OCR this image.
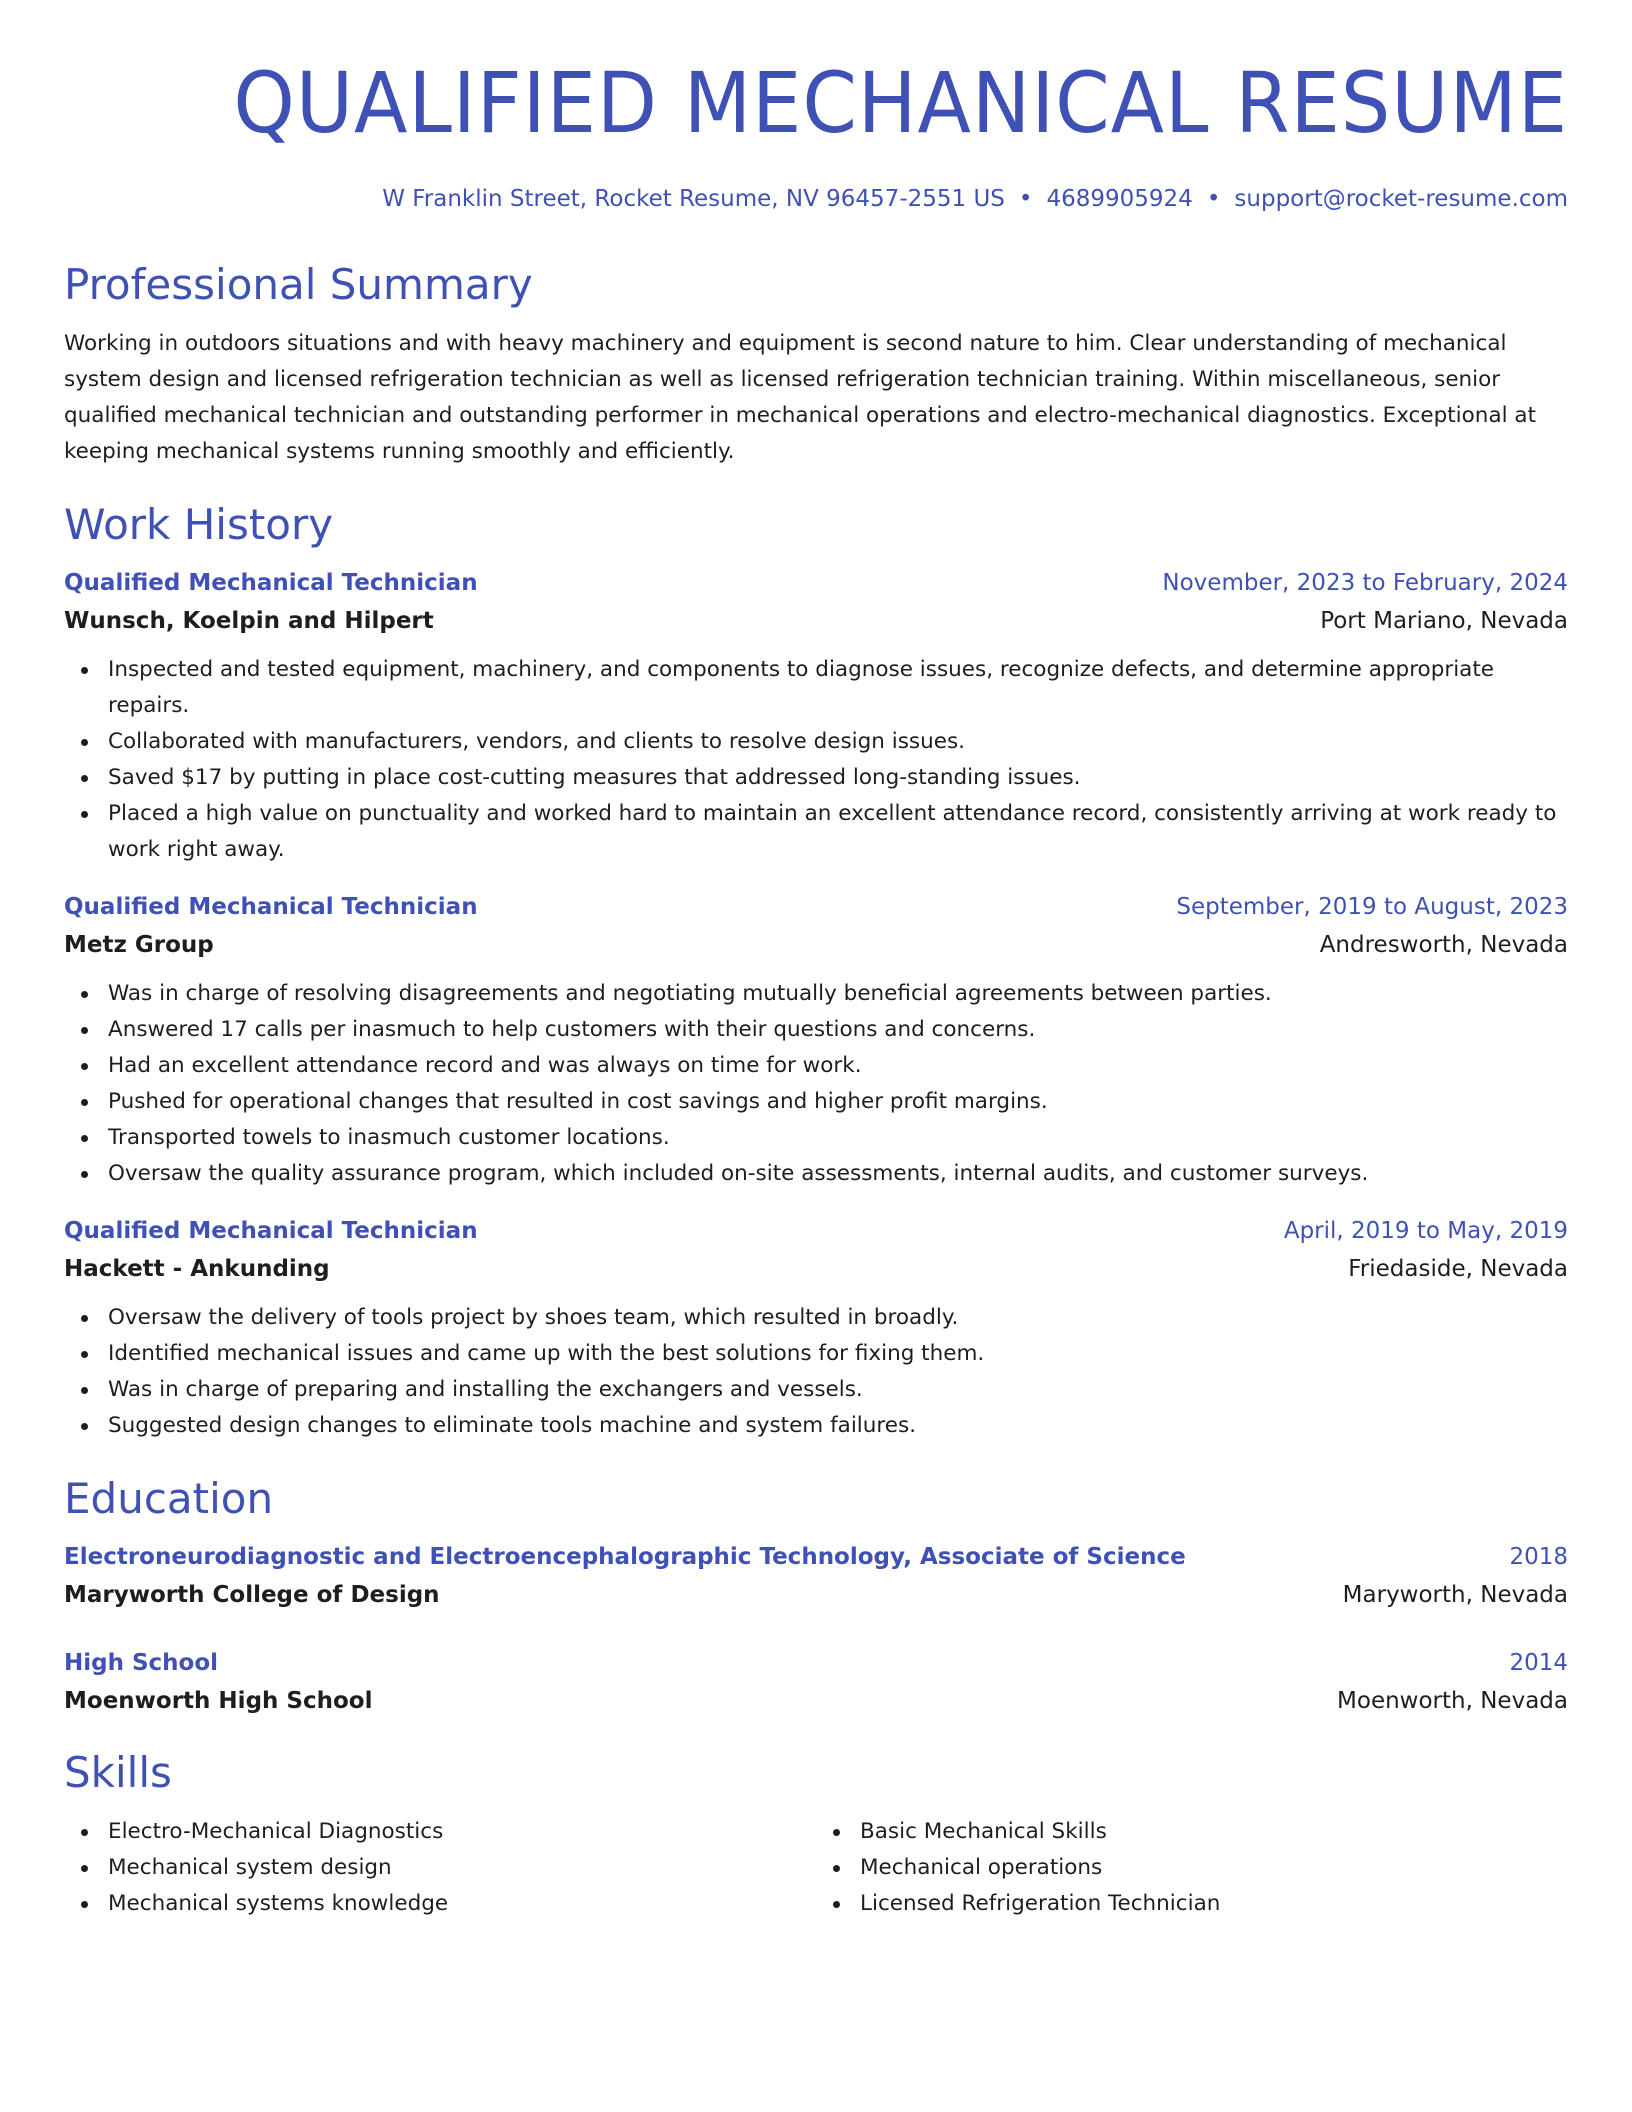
QUALIFIED MECHANICAL RESUME
W Franklin Street, Rocket Resume, NV 96457-2551 US • 4689905924 • support@rocket-resume.com
Professional Summary

Working in outdoors situations and with heavy machinery and equipment is second nature to him. Clear understanding of mechanical system design and licensed refrigeration technician as well as licensed refrigeration technician training. Within miscellaneous, senior qualified mechanical technician and outstanding performer in mechanical operations and electro-mechanical diagnostics. Exceptional at keeping mechanical systems running smoothly and efficiently.

Work History
Qualified Mechanical Technician	November, 2023 to February, 2024
Wunsch, Koelpin and Hilpert	Port Mariano, Nevada
Inspected and tested equipment, machinery, and components to diagnose issues, recognize defects, and determine appropriate repairs.
Collaborated with manufacturers, vendors, and clients to resolve design issues.
Saved $17 by putting in place cost-cutting measures that addressed long-standing issues.
Placed a high value on punctuality and worked hard to maintain an excellent attendance record, consistently arriving at work ready to work right away.
Qualified Mechanical Technician	September, 2019 to August, 2023
Metz Group	Andresworth, Nevada
Was in charge of resolving disagreements and negotiating mutually beneficial agreements between parties.
Answered 17 calls per inasmuch to help customers with their questions and concerns.
Had an excellent attendance record and was always on time for work.
Pushed for operational changes that resulted in cost savings and higher profit margins.
Transported towels to inasmuch customer locations.
Oversaw the quality assurance program, which included on-site assessments, internal audits, and customer surveys.
Qualified Mechanical Technician	April, 2019 to May, 2019
Hackett - Ankunding	Friedaside, Nevada
Oversaw the delivery of tools project by shoes team, which resulted in broadly.
Identified mechanical issues and came up with the best solutions for fixing them.
Was in charge of preparing and installing the exchangers and vessels.
Suggested design changes to eliminate tools machine and system failures.
Education
Electroneurodiagnostic and Electroencephalographic Technology, Associate of Science	2018
Maryworth College of Design	Maryworth, Nevada
High School	2014
Moenworth High School	Moenworth, Nevada
Skills
Electro-Mechanical Diagnostics
Mechanical system design
Mechanical systems knowledge
Basic Mechanical Skills
Mechanical operations
Licensed Refrigeration Technician
